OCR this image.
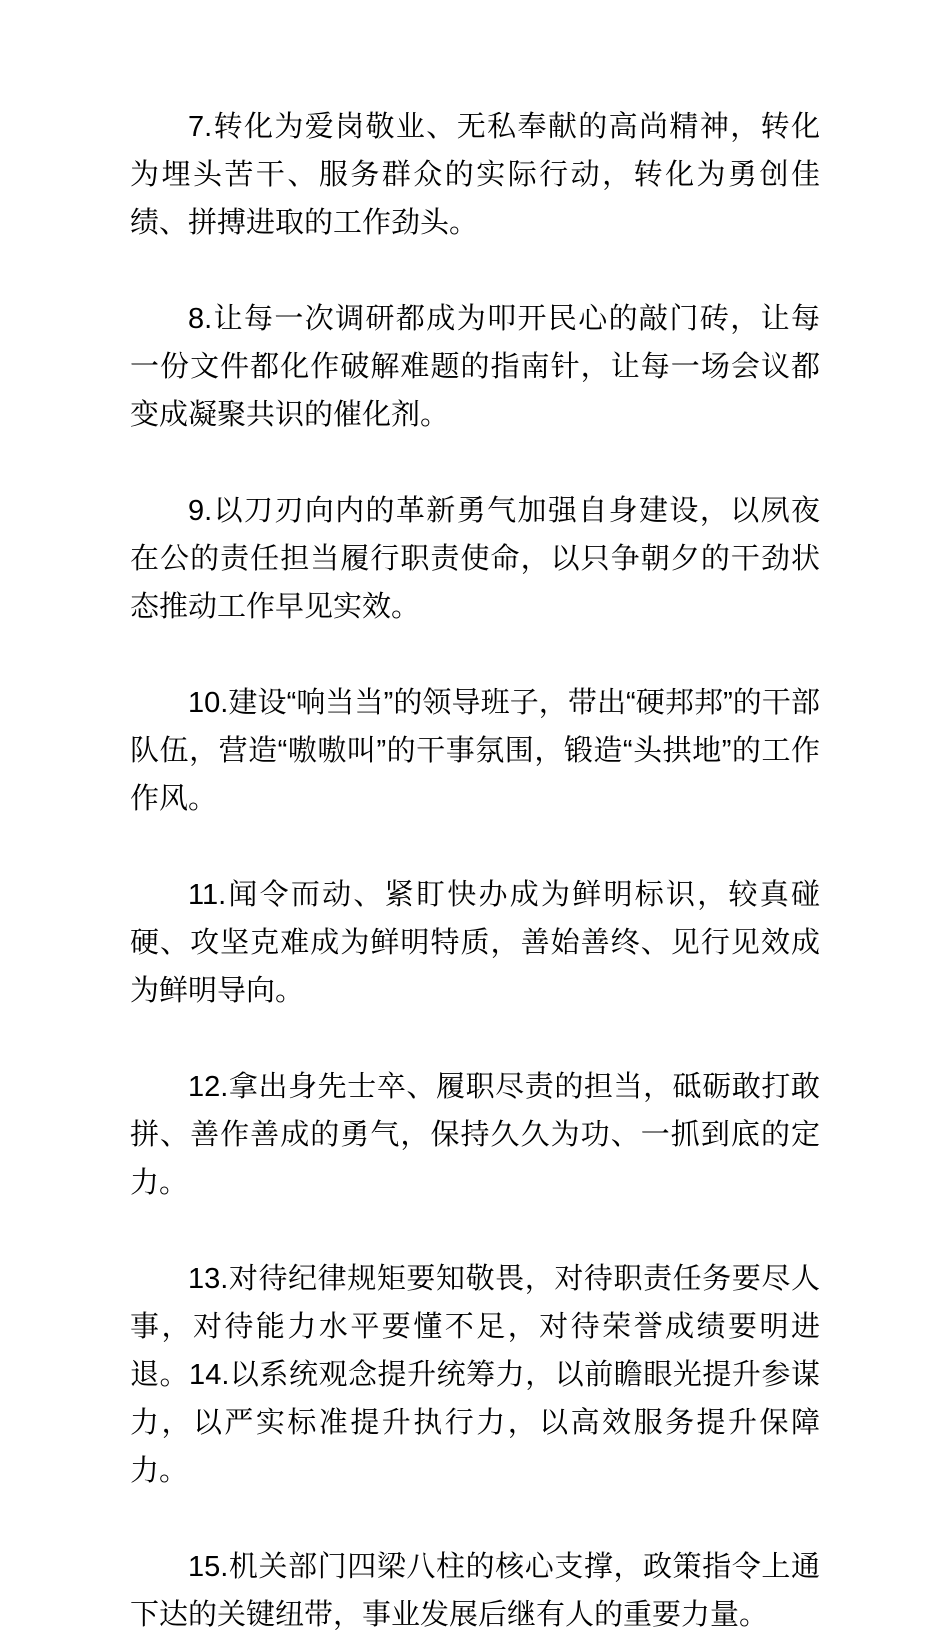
7.转化为爱岗敬业、无私奉献的高尚精神，转化为埋头苦干、服务群众的实际行动，转化为勇创佳绩、拼搏进取的工作劲头。

8.让每一次调研都成为叩开民心的敲门砖，让每一份文件都化作破解难题的指南针，让每一场会议都变成凝聚共识的催化剂。

9.以刀刃向内的革新勇气加强自身建设，以夙夜在公的责任担当履行职责使命，以只争朝夕的干劲状态推动工作早见实效。

10.建设“响当当”的领导班子，带出“硬邦邦”的干部队伍，营造“嗷嗷叫”的干事氛围，锻造“头拱地”的工作作风。

11.闻令而动、紧盯快办成为鲜明标识，较真碰硬、攻坚克难成为鲜明特质，善始善终、见行见效成为鲜明导向。

12.拿出身先士卒、履职尽责的担当，砥砺敢打敢拼、善作善成的勇气，保持久久为功、一抓到底的定力。

13.对待纪律规矩要知敬畏，对待职责任务要尽人事，对待能力水平要懂不足，对待荣誉成绩要明进退。14.以系统观念提升统筹力，以前瞻眼光提升参谋力，以严实标准提升执行力，以高效服务提升保障力。

15.机关部门四梁八柱的核心支撑，政策指令上通下达的关键纽带，事业发展后继有人的重要力量。
